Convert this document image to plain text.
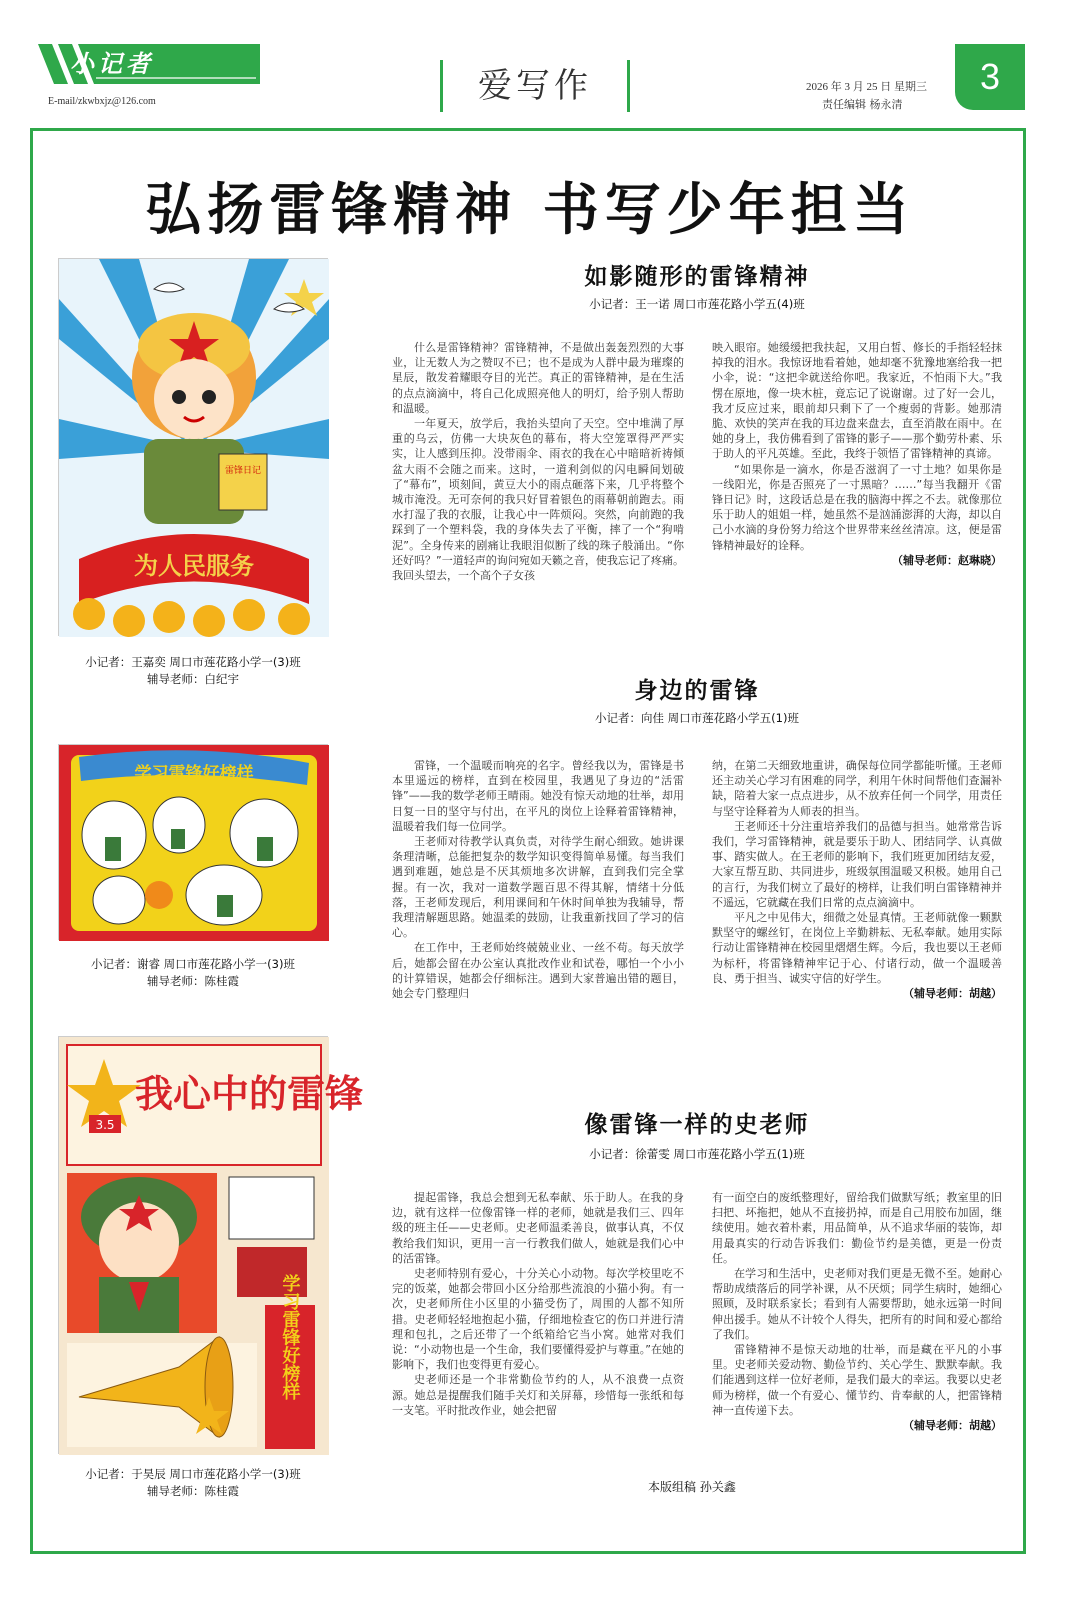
小记者
E-mail/zkwbxjz@126.com	爱写作	2026 年 3 月 25 日 星期三
责任编辑 杨永清
3
弘扬雷锋精神 书写少年担当
雷锋日记
为人民服务
小记者：王嘉奕 周口市莲花路小学一(3)班
辅导老师：白纪宇
学习雷锋好榜样
小记者：谢睿 周口市莲花路小学一(3)班
辅导老师：陈桂霞
3.5
我心中的雷锋
学习雷锋好榜样
小记者：于昊辰 周口市莲花路小学一(3)班
辅导老师：陈桂霞
如影随形的雷锋精神
小记者：王一诺 周口市莲花路小学五(4)班

什么是雷锋精神？雷锋精神，不是做出轰轰烈烈的大事业，让无数人为之赞叹不已；也不是成为人群中最为璀璨的星辰，散发着耀眼夺目的光芒。真正的雷锋精神，是在生活的点点滴滴中，将自己化成照亮他人的明灯，给予别人帮助和温暖。

一年夏天，放学后，我抬头望向了天空。空中堆满了厚重的乌云，仿佛一大块灰色的幕布，将大空笼罩得严严实实，让人感到压抑。没带雨伞、雨衣的我在心中暗暗祈祷倾盆大雨不会随之而来。这时，一道利剑似的闪电瞬间划破了“幕布”，顷刻间，黄豆大小的雨点砸落下来，几乎将整个城市淹没。无可奈何的我只好冒着银色的雨幕朝前跑去。雨水打湿了我的衣服，让我心中一阵烦闷。突然，向前跑的我踩到了一个塑料袋，我的身体失去了平衡，摔了一个“狗啃泥”。全身传来的剧痛让我眼泪似断了线的珠子般涌出。“你还好吗？”一道轻声的询问宛如天籁之音，使我忘记了疼痛。我回头望去，一个高个子女孩

映入眼帘。她缓缓把我扶起，又用白皙、修长的手指轻轻抹掉我的泪水。我惊讶地看着她，她却毫不犹豫地塞给我一把小伞，说：“这把伞就送给你吧。我家近，不怕雨下大。”我愣在原地，像一块木桩，竟忘记了说谢谢。过了好一会儿，我才反应过来，眼前却只剩下了一个瘦弱的背影。她那清脆、欢快的笑声在我的耳边盘来盘去，直至消散在雨中。在她的身上，我仿佛看到了雷锋的影子——那个勤劳朴素、乐于助人的平凡英雄。至此，我终于领悟了雷锋精神的真谛。

“如果你是一滴水，你是否滋润了一寸土地？如果你是一线阳光，你是否照亮了一寸黑暗？……”每当我翻开《雷锋日记》时，这段话总是在我的脑海中挥之不去。就像那位乐于助人的姐姐一样，她虽然不是汹涌澎湃的大海，却以自己小水滴的身份努力给这个世界带来丝丝清凉。这，便是雷锋精神最好的诠释。

（辅导老师：赵琳晓）
身边的雷锋
小记者：向佳 周口市莲花路小学五(1)班

雷锋，一个温暖而响亮的名字。曾经我以为，雷锋是书本里遥远的榜样，直到在校园里，我遇见了身边的“活雷锋”——我的数学老师王晴雨。她没有惊天动地的壮举，却用日复一日的坚守与付出，在平凡的岗位上诠释着雷锋精神，温暖着我们每一位同学。

王老师对待教学认真负责，对待学生耐心细致。她讲课条理清晰，总能把复杂的数学知识变得简单易懂。每当我们遇到难题，她总是不厌其烦地多次讲解，直到我们完全掌握。有一次，我对一道数学题百思不得其解，情绪十分低落，王老师发现后，利用课间和午休时间单独为我辅导，帮我理清解题思路。她温柔的鼓励，让我重新找回了学习的信心。

在工作中，王老师始终兢兢业业、一丝不苟。每天放学后，她都会留在办公室认真批改作业和试卷，哪怕一个小小的计算错误，她都会仔细标注。遇到大家普遍出错的题目，她会专门整理归

纳，在第二天细致地重讲，确保每位同学都能听懂。王老师还主动关心学习有困难的同学，利用午休时间帮他们查漏补缺，陪着大家一点点进步，从不放弃任何一个同学，用责任与坚守诠释着为人师表的担当。

王老师还十分注重培养我们的品德与担当。她常常告诉我们，学习雷锋精神，就是要乐于助人、团结同学、认真做事、踏实做人。在王老师的影响下，我们班更加团结友爱，大家互帮互助、共同进步，班级氛围温暖又积极。她用自己的言行，为我们树立了最好的榜样，让我们明白雷锋精神并不遥远，它就藏在我们日常的点点滴滴中。

平凡之中见伟大，细微之处显真情。王老师就像一颗默默坚守的螺丝钉，在岗位上辛勤耕耘、无私奉献。她用实际行动让雷锋精神在校园里熠熠生辉。今后，我也要以王老师为标杆，将雷锋精神牢记于心、付诸行动，做一个温暖善良、勇于担当、诚实守信的好学生。

（辅导老师：胡越）
像雷锋一样的史老师
小记者：徐蕾雯 周口市莲花路小学五(1)班

提起雷锋，我总会想到无私奉献、乐于助人。在我的身边，就有这样一位像雷锋一样的老师，她就是我们三、四年级的班主任——史老师。史老师温柔善良，做事认真，不仅教给我们知识，更用一言一行教我们做人，她就是我们心中的活雷锋。

史老师特别有爱心，十分关心小动物。每次学校里吃不完的饭菜，她都会带回小区分给那些流浪的小猫小狗。有一次，史老师所住小区里的小猫受伤了，周围的人都不知所措。史老师轻轻地抱起小猫，仔细地检查它的伤口并进行清理和包扎，之后还带了一个纸箱给它当小窝。她常对我们说：“小动物也是一个生命，我们要懂得爱护与尊重。”在她的影响下，我们也变得更有爱心。

史老师还是一个非常勤俭节约的人，从不浪费一点资源。她总是提醒我们随手关灯和关屏幕，珍惜每一张纸和每一支笔。平时批改作业，她会把留

有一面空白的废纸整理好，留给我们做默写纸；教室里的旧扫把、坏拖把，她从不直接扔掉，而是自己用胶布加固，继续使用。她衣着朴素，用品简单，从不追求华丽的装饰，却用最真实的行动告诉我们：勤俭节约是美德，更是一份责任。

在学习和生活中，史老师对我们更是无微不至。她耐心帮助成绩落后的同学补课，从不厌烦；同学生病时，她细心照顾，及时联系家长；看到有人需要帮助，她永远第一时间伸出援手。她从不计较个人得失，把所有的时间和爱心都给了我们。

雷锋精神不是惊天动地的壮举，而是藏在平凡的小事里。史老师关爱动物、勤俭节约、关心学生、默默奉献。我们能遇到这样一位好老师，是我们最大的幸运。我要以史老师为榜样，做一个有爱心、懂节约、肯奉献的人，把雷锋精神一直传递下去。

（辅导老师：胡越）
本版组稿 孙关鑫
